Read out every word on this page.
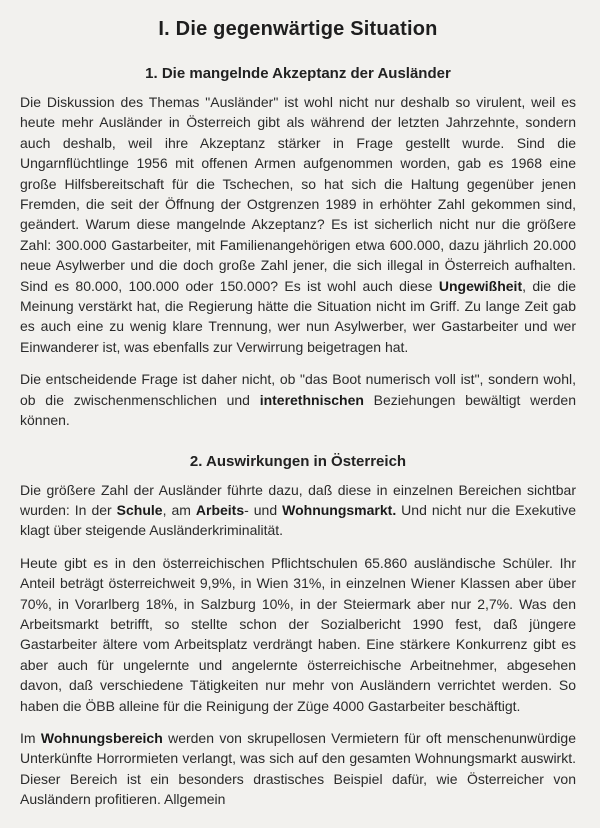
I. Die gegenwärtige Situation
1. Die mangelnde Akzeptanz der Ausländer

Die Diskussion des Themas "Ausländer" ist wohl nicht nur deshalb so virulent, weil es heute mehr Ausländer in Österreich gibt als während der letzten Jahrzehnte, sondern auch deshalb, weil ihre Akzeptanz stärker in Frage gestellt wurde. Sind die Ungarnflüchtlinge 1956 mit offenen Armen aufgenommen worden, gab es 1968 eine große Hilfsbereitschaft für die Tschechen, so hat sich die Haltung gegenüber jenen Fremden, die seit der Öffnung der Ostgrenzen 1989 in erhöhter Zahl gekommen sind, geändert. Warum diese mangelnde Akzeptanz? Es ist sicherlich nicht nur die größere Zahl: 300.000 Gastarbeiter, mit Familienangehörigen etwa 600.000, dazu jährlich 20.000 neue Asylwerber und die doch große Zahl jener, die sich illegal in Österreich aufhalten. Sind es 80.000, 100.000 oder 150.000? Es ist wohl auch diese Ungewißheit, die die Meinung verstärkt hat, die Regierung hätte die Situation nicht im Griff. Zu lange Zeit gab es auch eine zu wenig klare Trennung, wer nun Asylwerber, wer Gastarbeiter und wer Einwanderer ist, was ebenfalls zur Verwirrung beigetragen hat.

Die entscheidende Frage ist daher nicht, ob "das Boot numerisch voll ist", sondern wohl, ob die zwischenmenschlichen und interethnischen Beziehungen bewältigt werden können.

2. Auswirkungen in Österreich

Die größere Zahl der Ausländer führte dazu, daß diese in einzelnen Bereichen sichtbar wurden: In der Schule, am Arbeits- und Wohnungsmarkt. Und nicht nur die Exekutive klagt über steigende Ausländerkriminalität.

Heute gibt es in den österreichischen Pflichtschulen 65.860 ausländische Schüler. Ihr Anteil beträgt österreichweit 9,9%, in Wien 31%, in einzelnen Wiener Klassen aber über 70%, in Vorarlberg 18%, in Salzburg 10%, in der Steiermark aber nur 2,7%. Was den Arbeitsmarkt betrifft, so stellte schon der Sozialbericht 1990 fest, daß jüngere Gastarbeiter ältere vom Arbeitsplatz verdrängt haben. Eine stärkere Konkurrenz gibt es aber auch für ungelernte und angelernte österreichische Arbeitnehmer, abgesehen davon, daß verschiedene Tätigkeiten nur mehr von Ausländern verrichtet werden. So haben die ÖBB alleine für die Reinigung der Züge 4000 Gastarbeiter beschäftigt.

Im Wohnungsbereich werden von skrupellosen Vermietern für oft menschenunwürdige Unterkünfte Horrormieten verlangt, was sich auf den gesamten Wohnungsmarkt auswirkt. Dieser Bereich ist ein besonders drastisches Beispiel dafür, wie Österreicher von Ausländern profitieren. Allgemein
